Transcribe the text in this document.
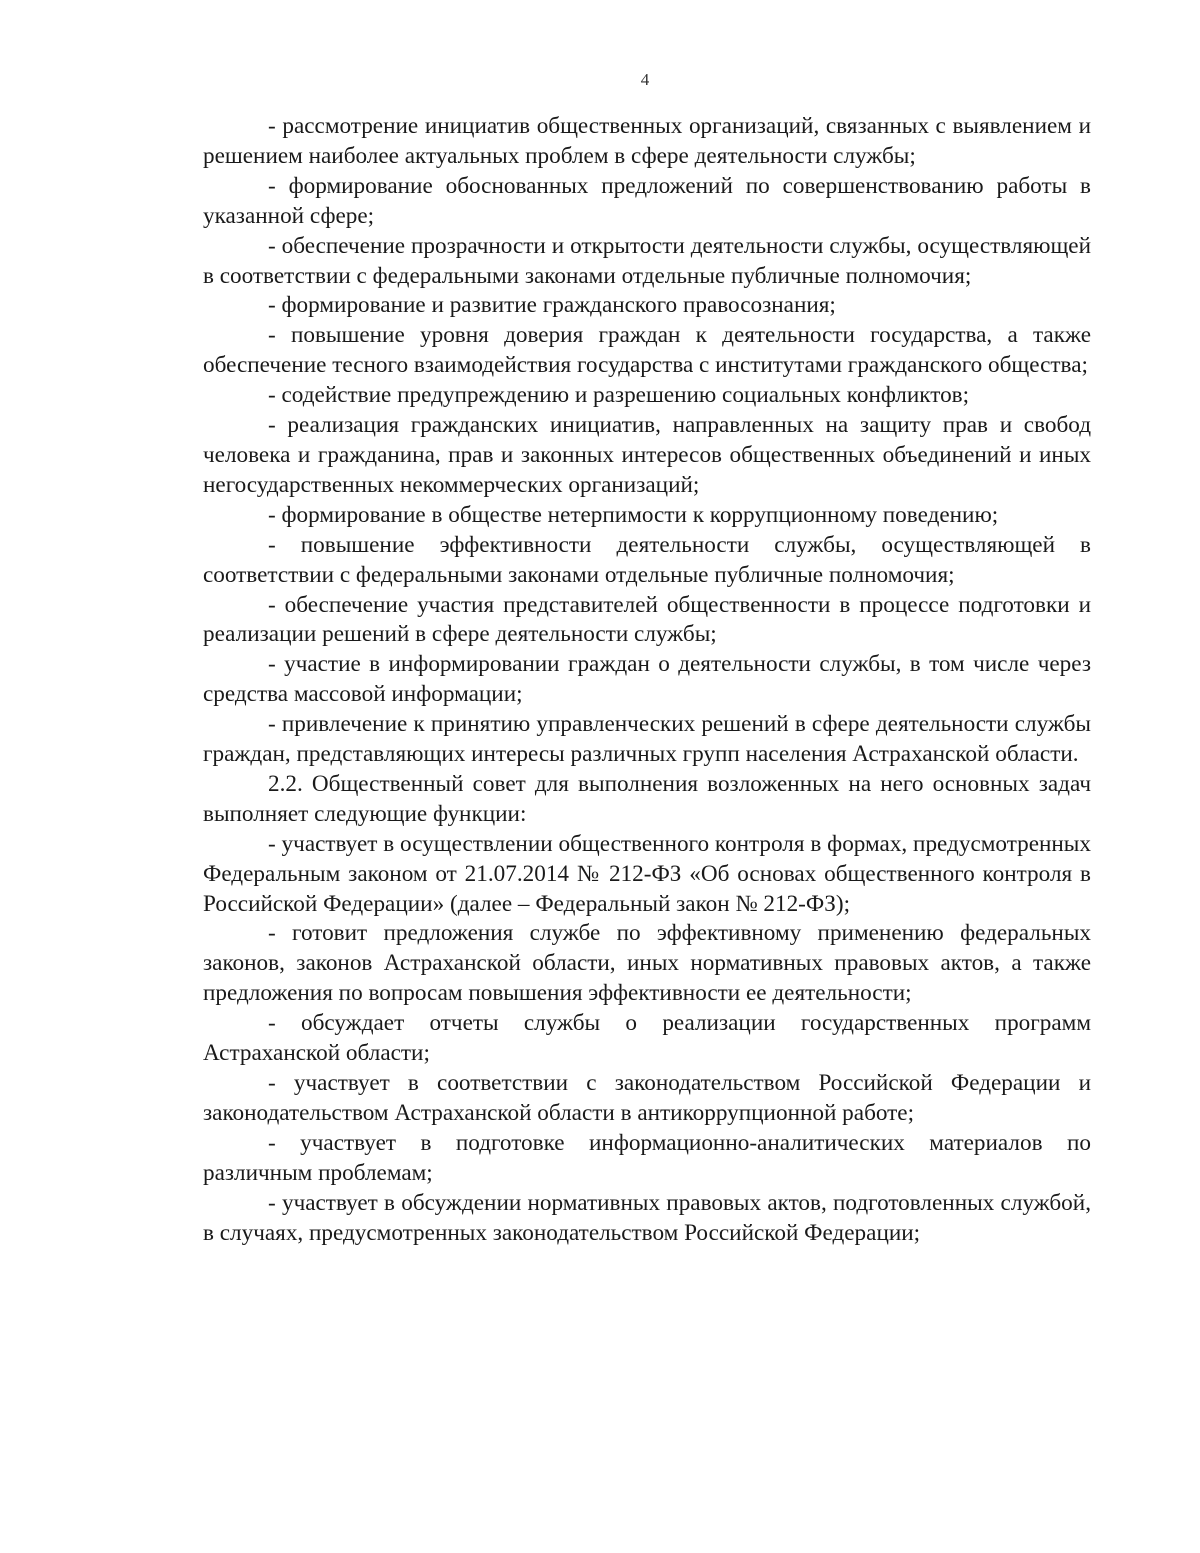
4

- рассмотрение инициатив общественных организаций, связанных с выявлением и решением наиболее актуальных проблем в сфере деятельности службы;

- формирование обоснованных предложений по совершенствованию работы в указанной сфере;

- обеспечение прозрачности и открытости деятельности службы, осуществляющей в соответствии с федеральными законами отдельные публичные полномочия;

- формирование и развитие гражданского правосознания;

- повышение уровня доверия граждан к деятельности государства, а также обеспечение тесного взаимодействия государства с институтами гражданского общества;

- содействие предупреждению и разрешению социальных конфликтов;

- реализация гражданских инициатив, направленных на защиту прав и свобод человека и гражданина, прав и законных интересов общественных объединений и иных негосударственных некоммерческих организаций;

- формирование в обществе нетерпимости к коррупционному поведению;

- повышение эффективности деятельности службы, осуществляющей в соответствии с федеральными законами отдельные публичные полномочия;

- обеспечение участия представителей общественности в процессе подготовки и реализации решений в сфере деятельности службы;

- участие в информировании граждан о деятельности службы, в том числе через средства массовой информации;

- привлечение к принятию управленческих решений в сфере деятельности службы граждан, представляющих интересы различных групп населения Астраханской области.

2.2. Общественный совет для выполнения возложенных на него основных задач выполняет следующие функции:

- участвует в осуществлении общественного контроля в формах, предусмотренных Федеральным законом от 21.07.2014 № 212-ФЗ «Об основах общественного контроля в Российской Федерации» (далее – Федеральный закон № 212-ФЗ);

- готовит предложения службе по эффективному применению федеральных законов, законов Астраханской области, иных нормативных правовых актов, а также предложения по вопросам повышения эффективности ее деятельности;

- обсуждает отчеты службы о реализации государственных программ Астраханской области;

- участвует в соответствии с законодательством Российской Федерации и законодательством Астраханской области в антикоррупционной работе;

- участвует в подготовке информационно-аналитических материалов по различным проблемам;

- участвует в обсуждении нормативных правовых актов, подготовленных службой, в случаях, предусмотренных законодательством Российской Федерации;
